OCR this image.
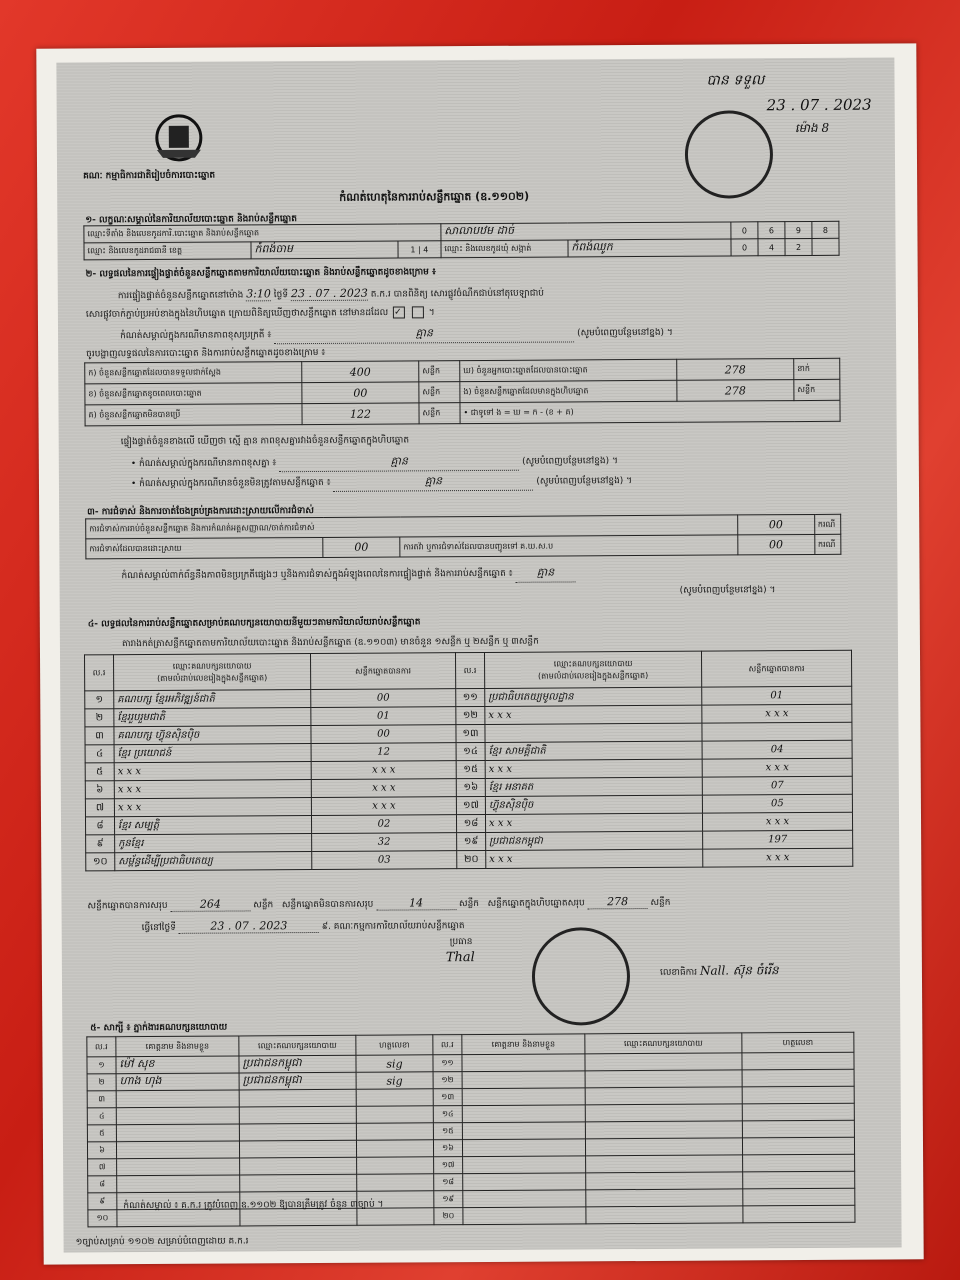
គណៈ កម្មាធិការជាតិរៀបចំការបោះឆ្នោត
បាន ទទួល
23 . 07 . 2023
ម៉ោង 8
កំណត់ហេតុនៃការរាប់សន្លឹកឆ្នោត (ឧ.១១០២)
១- លក្ខណៈសម្គាល់នៃការិយាល័យបោះឆ្នោត និងរាប់សន្លឹកឆ្នោត
ឈ្មោះទីតាំង និងលេខកូដការិ.បោះឆ្នោត និងរាប់សន្លឹកឆ្នោត			សាលាបឋម ដាច់		0	6	9	8
ឈ្មោះ និងលេខកូដរាជធានី ខេត្ត	កំពង់ចាម	1 | 4	ឈ្មោះ និងលេខកូដឃុំ សង្កាត់	កំពង់ឈូក	0	4	2	
២- លទ្ធផលនៃការផ្ទៀងផ្ទាត់ចំនួនសន្លឹកឆ្នោតតាមការិយាល័យបោះឆ្នោត និងរាប់សន្លឹកឆ្នោតដូចខាងក្រោម ៖
ការផ្ទៀងផ្ទាត់ចំនួនសន្លឹកឆ្នោតនៅម៉ោង 3:10 ថ្ងៃទី 23 . 07 . 2023 ត.ក.រ បានពិនិត្យ សោរផ្លូវចំណឹកជាប់នៅតុបេឡាជាប់
សោរផ្លូវចាក់ភ្ជាប់ប្រអប់ខាងក្នុងនៃហិបឆ្នោត ក្រោយពិនិត្យឃើញថាសន្លឹកឆ្នោត នៅមានដដែល ✓	។
កំណត់សម្គាល់ក្នុងករណីមានភាពខុសប្រក្រតី ៖	គ្មាន	(សូមបំពេញបន្ថែមនៅខ្នង) ។
ចូរបង្ហាញលទ្ធផលនៃការបោះឆ្នោត និងការរាប់សន្លឹកឆ្នោតដូចខាងក្រោម ៖
ក) ចំនួនសន្លឹកឆ្នោតដែលបានទទួលជាក់ស្តែង	400	សន្លឹក	ឃ) ចំនួនអ្នកបោះឆ្នោតដែលបានបោះឆ្នោត	278	នាក់
ខ) ចំនួនសន្លឹកឆ្នោតខូចពេលបោះឆ្នោត	00	សន្លឹក	ង) ចំនួនសន្លឹកឆ្នោតដែលមានក្នុងហិបឆ្នោត	278	សន្លឹក
គ) ចំនួនសន្លឹកឆ្នោតមិនបានប្រើ	122	សន្លឹក	• ជាទូទៅ ង = ឃ = ក - (ខ + គ)		
ផ្ទៀងផ្ទាត់ចំនួនខាងលើ ឃើញថា ស្មើ គ្មាន ភាពខុសគ្នារវាងចំនួនសន្លឹកឆ្នោតក្នុងហិបឆ្នោត
• កំណត់សម្គាល់ក្នុងករណីមានភាពខុសគ្នា ៖	គ្មាន	(សូមបំពេញបន្ថែមនៅខ្នង) ។
• កំណត់សម្គាល់ក្នុងករណីមានចំនួនមិនត្រូវតាមសន្លឹកឆ្នោត ៖	គ្មាន	(សូមបំពេញបន្ថែមនៅខ្នង) ។
៣- ការជំទាស់ និងការចាត់ចែងគ្រប់គ្រងការដោះស្រាយលើការជំទាស់
ការជំទាស់ការរាប់ចំនួនសន្លឹកឆ្នោត និងការកំណត់អត្តសញ្ញាណ/ចាត់ការជំទាស់			00	ករណី
ការជំទាស់ដែលបានដោះស្រាយ	00	ការតវ៉ា ឬការជំទាស់ដែលបានបញ្ជូនទៅ គ.ឃ.ស.ប	00	ករណី
កំណត់សម្គាល់ពាក់ព័ន្ធនឹងភាពមិនប្រក្រតីផ្សេងៗ ឬនិងការជំទាស់ក្នុងអំឡុងពេលនៃការផ្ទៀងផ្ទាត់ និងការរាប់សន្លឹកឆ្នោត ៖ គ្មាន
(សូមបំពេញបន្ថែមនៅខ្នង) ។
៤- លទ្ធផលនៃការរាប់សន្លឹកឆ្នោតសម្រាប់គណបក្សនយោបាយនីមួយៗតាមការិយាល័យរាប់សន្លឹកឆ្នោត
តារាងកត់ត្រាសន្លឹកឆ្នោតតាមការិយាល័យបោះឆ្នោត និងរាប់សន្លឹកឆ្នោត (ឧ.១១០៣) មានចំនួន ១សន្លឹក ឬ ២សន្លឹក ឬ ៣សន្លឹក
ល.រ	ឈ្មោះគណបក្សនយោបាយ
(តាមលំដាប់លេខរៀងក្នុងសន្លឹកឆ្នោត)	សន្លឹកឆ្នោតបានការ	ល.រ	ឈ្មោះគណបក្សនយោបាយ
(តាមលំដាប់លេខរៀងក្នុងសន្លឹកឆ្នោត)	សន្លឹកឆ្នោតបានការ
១	គណបក្ស ខ្មែរអភិវឌ្ឍន៍ជាតិ	00	១១	ប្រជាធិបតេយ្យមូលដ្ឋាន	01
២	ខ្មែររួបរួមជាតិ	01	១២	x x x	x x x
៣	គណបក្ស ហ៊្វុនស៊ិនប៉ិច	00	១៣		
៤	ខ្មែរ ប្រយោជន៍	12	១៤	ខ្មែរ សាមគ្គីជាតិ	04
៥	x x x	x x x	១៥	x x x	x x x
៦	x x x	x x x	១៦	ខ្មែរ អនាគត	07
៧	x x x	x x x	១៧	ហ៊្វុនស៊ិនប៉ិច	05
៨	ខ្មែរ សម្បត្តិ	02	១៨	x x x	x x x
៩	កូនខ្មែរ	32	១៩	ប្រជាជនកម្ពុជា	197
១០	សម្ព័ន្ធដើម្បីប្រជាធិបតេយ្យ	03	២០	x x x	x x x
សន្លឹកឆ្នោតបានការសរុប	264	សន្លឹក សន្លឹកឆ្នោតមិនបានការសរុប	14	សន្លឹក សន្លឹកឆ្នោតក្នុងហិបឆ្នោតសរុប 278 សន្លឹក
ធ្វើនៅថ្ងៃទី	23 . 07 . 2023	៩. គណៈកម្មការការិយាល័យរាប់សន្លឹកឆ្នោត
ប្រធាន
Thal
លេខាធិការ Nall. ស៊ុន ចំរើន
៥- សាក្សី ៖ ភ្នាក់ងារគណបក្សនយោបាយ
ល.រ	គោត្តនាម និងនាមខ្លួន	ឈ្មោះគណបក្សនយោបាយ	ហត្ថលេខា	ល.រ	គោត្តនាម និងនាមខ្លួន	ឈ្មោះគណបក្សនយោបាយ	ហត្ថលេខា
១	ម៉ៅ សុខ	ប្រជាជនកម្ពុជា	sig	១១			
២	ហាង ហុង	ប្រជាជនកម្ពុជា	sig	១២			
៣				១៣			
៤				១៤			
៥				១៥			
៦				១៦			
៧				១៧			
៨				១៨			
៩				១៩			
១០				២០			
កំណត់សម្គាល់ ៖ គ.ក.រ ត្រូវបំពេញ ឧ.១១០២ ឱ្យបានត្រឹមត្រូវ ចំនួន ៣ច្បាប់ ។
១ច្បាប់សម្រាប់ ១១០២ សម្រាប់បំពេញដោយ គ.ក.រ
